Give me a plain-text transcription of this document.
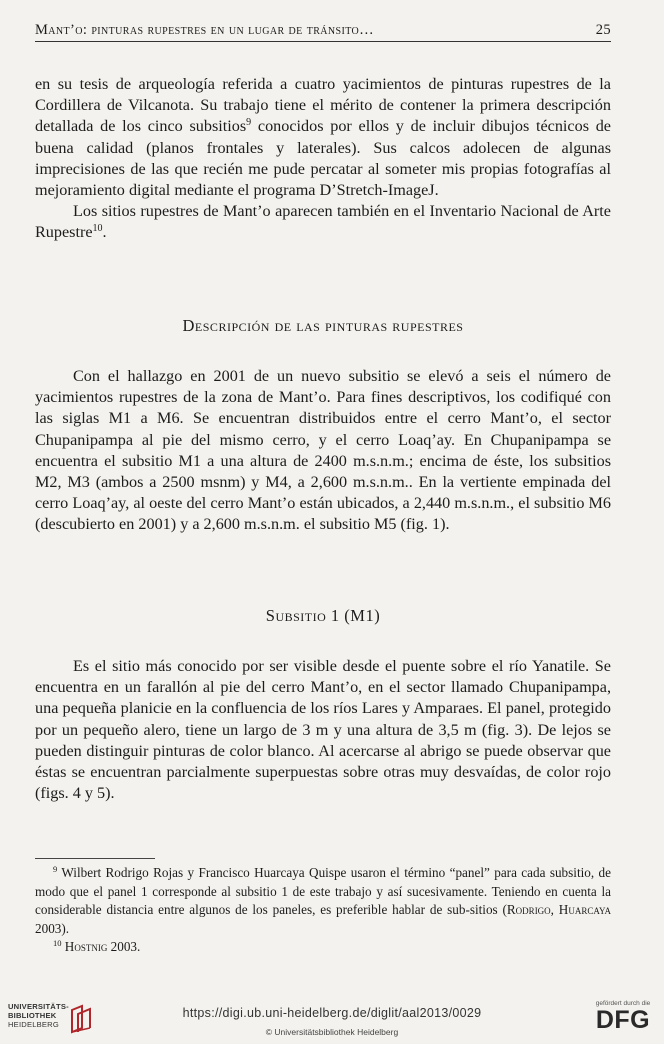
Mant’o: pinturas rupestres en un lugar de tránsito…	25

en su tesis de arqueología referida a cuatro yacimientos de pinturas rupestres de la Cordillera de Vilcanota. Su trabajo tiene el mérito de contener la primera descripción detallada de los cinco subsitios$^9$ conocidos por ellos y de incluir dibujos técnicos de buena calidad (planos frontales y laterales). Sus calcos adolecen de algunas imprecisiones de las que recién me pude percatar al someter mis propias fotografías al mejoramiento digital mediante el programa D’Stretch-ImageJ.

Los sitios rupestres de Mant’o aparecen también en el Inventario Nacional de Arte Rupestre$^{10}$.

Descripción de las pinturas rupestres

Con el hallazgo en 2001 de un nuevo subsitio se elevó a seis el número de yacimientos rupestres de la zona de Mant’o. Para fines descriptivos, los codifiqué con las siglas M1 a M6. Se encuentran distribuidos entre el cerro Mant’o, el sector Chupanipampa al pie del mismo cerro, y el cerro Loaq’ay. En Chupanipampa se encuentra el subsitio M1 a una altura de 2400 m.s.n.m.; encima de éste, los subsitios M2, M3 (ambos a 2500 msnm) y M4, a 2,600 m.s.n.m.. En la vertiente empinada del cerro Loaq’ay, al oeste del cerro Mant’o están ubicados, a 2,440 m.s.n.m., el subsitio M6 (descubierto en 2001) y a 2,600 m.s.n.m. el subsitio M5 (fig. 1).

Subsitio 1 (M1)

Es el sitio más conocido por ser visible desde el puente sobre el río Yanatile. Se encuentra en un farallón al pie del cerro Mant’o, en el sector llamado Chupanipampa, una pequeña planicie en la confluencia de los ríos Lares y Amparaes. El panel, protegido por un pequeño alero, tiene un largo de 3 m y una altura de 3,5 m (fig. 3). De lejos se pueden distinguir pinturas de color blanco. Al acercarse al abrigo se puede observar que éstas se encuentran parcialmente superpuestas sobre otras muy desvaídas, de color rojo (figs. 4 y 5).

$^9$ Wilbert Rodrigo Rojas y Francisco Huarcaya Quispe usaron el término “panel” para cada subsitio, de modo que el panel 1 corresponde al subsitio 1 de este trabajo y así sucesivamente. Teniendo en cuenta la considerable distancia entre algunos de los paneles, es preferible hablar de sub-sitios (Rodrigo, Huarcaya 2003).

$^{10}$ Hostnig 2003.

UNIVERSITÄTS-
BIBLIOTHEK
HEIDELBERG
https://digi.ub.uni-heidelberg.de/diglit/aal2013/0029
© Universitätsbibliothek Heidelberg
gefördert durch die
DFG
